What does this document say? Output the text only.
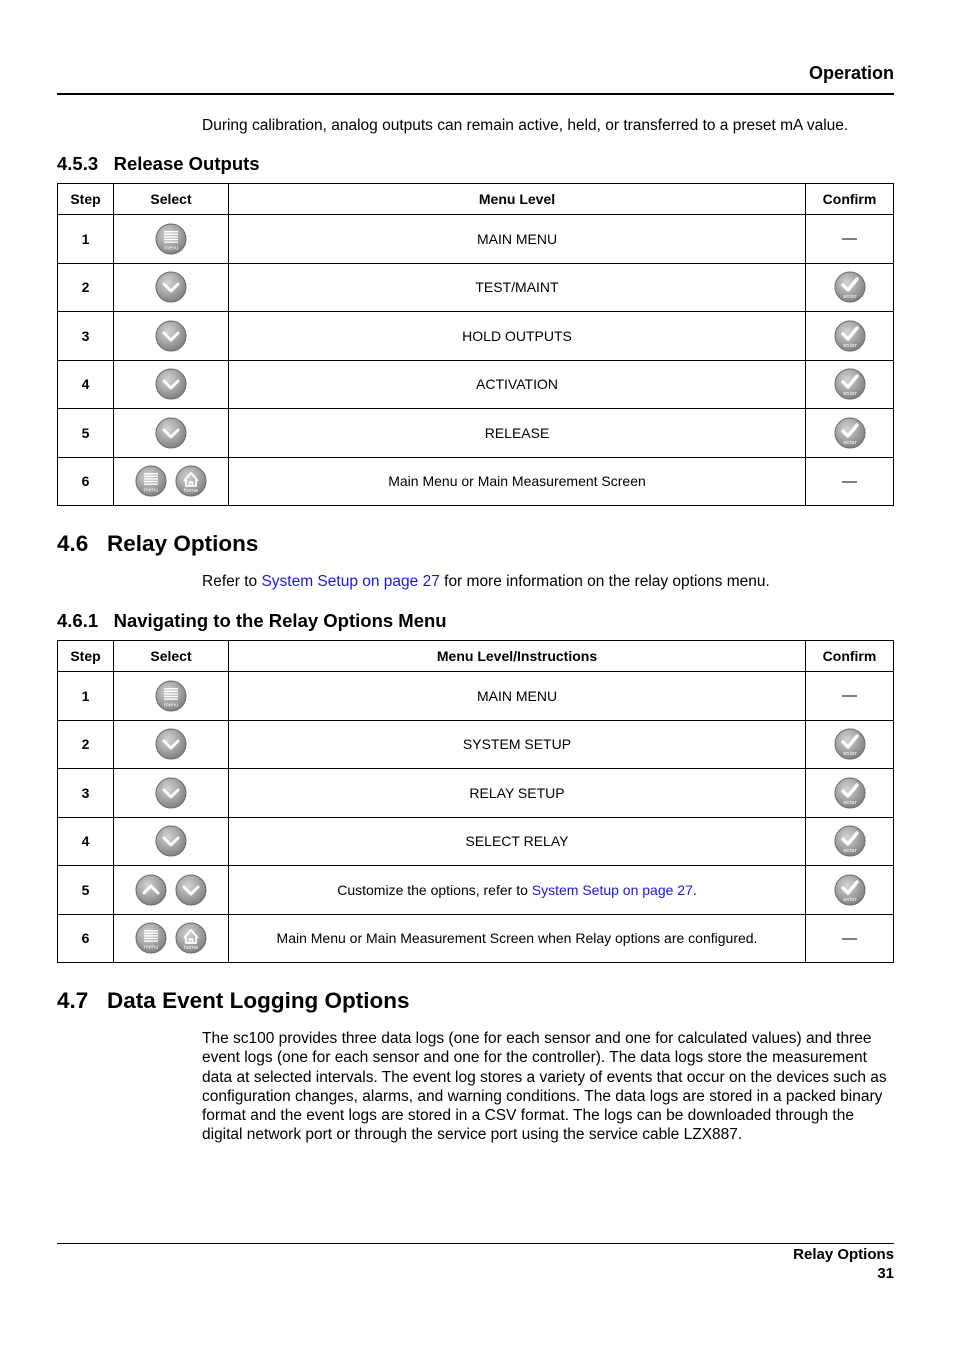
Operation
During calibration, analog outputs can remain active, held, or transferred to a preset mA value.
4.5.3 Release Outputs
Step	Select	Menu Level	Confirm
1	menu	MAIN MENU	—
2		TEST/MAINT	enter

3		HOLD OUTPUTS	enter

4		ACTIVATION	enter

5		RELEASE	enter

6	menu home	Main Menu or Main Measurement Screen	—
4.6 Relay Options
Refer to System Setup on page 27 for more information on the relay options menu.
4.6.1 Navigating to the Relay Options Menu
Step	Select	Menu Level/Instructions	Confirm
1	menu	MAIN MENU	—
2		SYSTEM SETUP	enter

3		RELAY SETUP	enter

4		SELECT RELAY	enter

5		Customize the options, refer to System Setup on page 27.	enter

6	menu home	Main Menu or Main Measurement Screen when Relay options are configured.	—
4.7 Data Event Logging Options
The sc100 provides three data logs (one for each sensor and one for calculated values) and three event logs (one for each sensor and one for the controller). The data logs store the measurement data at selected intervals. The event log stores a variety of events that occur on the devices such as configuration changes, alarms, and warning conditions. The data logs are stored in a packed binary format and the event logs are stored in a CSV format. The logs can be downloaded through the digital network port or through the service port using the service cable LZX887.
Relay Options
31
